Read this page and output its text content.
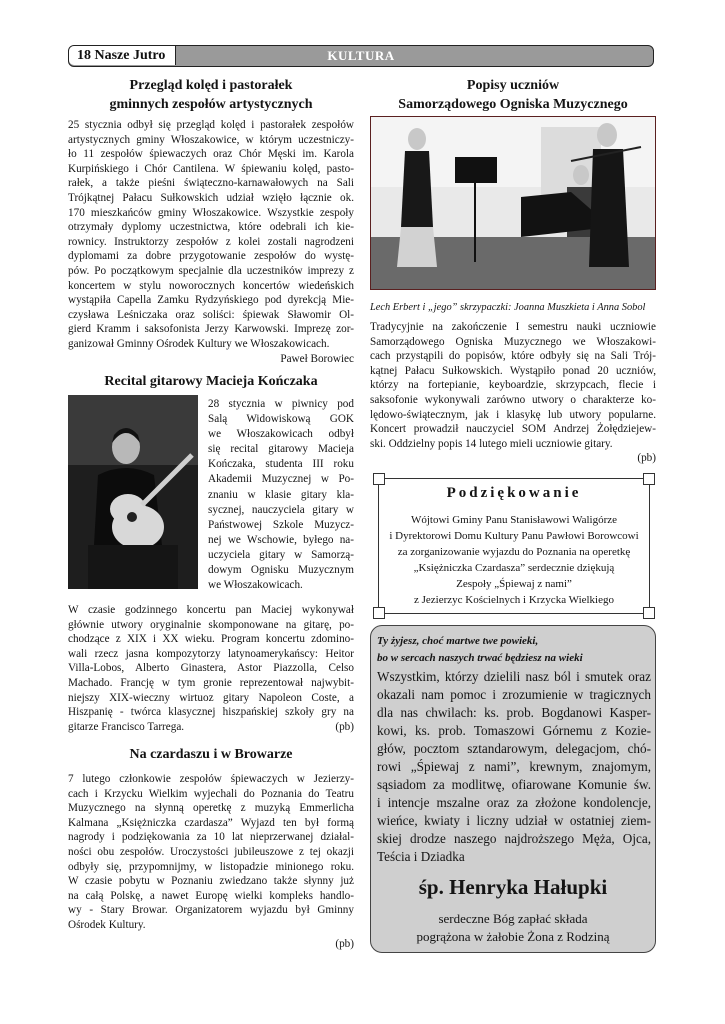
KULTURA
18 Nasze Jutro
Przegląd kolęd i pastorałek
gminnych zespołów artystycznych

25 stycznia odbył się przegląd kolęd i pastorałek zespołów
artystycznych gminy Włoszakowice, w którym uczestniczy-
ło 11 zespołów śpiewaczych oraz Chór Męski im. Karola
Kurpińskiego i Chór Cantilena. W śpiewaniu kolęd, pasto-
rałek, a także pieśni świąteczno-karnawałowych na Sali
Trójkątnej Pałacu Sułkowskich udział wzięło łącznie ok.
170 mieszkańców gminy Włoszakowice. Wszystkie zespoły
otrzymały dyplomy uczestnictwa, które odebrali ich kie-
rownicy. Instruktorzy zespołów z kolei zostali nagrodzeni
dyplomami za dobre przygotowanie zespołów do wystę-
pów. Po początkowym specjalnie dla uczestników imprezy z
koncertem w stylu noworocznych koncertów wiedeńskich
wystąpiła Capella Zamku Rydzyńskiego pod dyrekcją Mie-
czysława Leśniczaka oraz soliści: śpiewak Sławomir Ol-
gierd Kramm i saksofonista Jerzy Karwowski. Imprezę zor-
ganizował Gminny Ośrodek Kultury we Włoszakowicach.

Paweł Borowiec
Recital gitarowy Macieja Kończaka

28 stycznia w piwnicy pod
Salą Widowiskową GOK
we Włoszakowicach odbył
się recital gitarowy Macieja
Kończaka, studenta III roku
Akademii Muzycznej w Po-
znaniu w klasie gitary kla-
sycznej, nauczyciela gitary w
Państwowej Szkole Muzycz-
nej we Wschowie, byłego na-
uczyciela gitary w Samorzą-
dowym Ognisku Muzycznym
we Włoszakowicach.

W czasie godzinnego koncertu pan Maciej wykonywał
głównie utwory oryginalnie skomponowane na gitarę, po-
chodzące z XIX i XX wieku. Program koncertu zdomino-
wali rzecz jasna kompozytorzy latynoamerykańscy: Heitor
Villa-Lobos, Alberto Ginastera, Astor Piazzolla, Celso
Machado. Francję w tym gronie reprezentował najwybit-
niejszy XIX-wieczny wirtuoz gitary Napoleon Coste, a
Hiszpanię - twórca klasycznej hiszpańskiej szkoły gry na
gitarze Francisco Tarrega.	(pb)
Na czardaszu i w Browarze

7 lutego członkowie zespołów śpiewaczych w Jezierzy-
cach i Krzycku Wielkim wyjechali do Poznania do Teatru
Muzycznego na słynną operetkę z muzyką Emmerlicha
Kalmana „Księżniczka czardasza” Wyjazd ten był formą
nagrody i podziękowania za 10 lat nieprzerwanej działal-
ności obu zespołów. Uroczystości jubileuszowe z tej okazji
odbyły się, przypomnijmy, w listopadzie minionego roku.
W czasie pobytu w Poznaniu zwiedzano także słynny już
na całą Polskę, a nawet Europę wielki kompleks handlo-
wy - Stary Browar. Organizatorem wyjazdu był Gminny
Ośrodek Kultury.

(pb)
Popisy uczniów
Samorządowego Ogniska Muzycznego
Lech Erbert i „jego” skrzypaczki: Joanna Muszkieta i Anna Sobol

Tradycyjnie na zakończenie I semestru nauki uczniowie
Samorządowego Ogniska Muzycznego we Włoszakowi-
cach przystąpili do popisów, które odbyły się na Sali Trój-
kątnej Pałacu Sułkowskich. Wystąpiło ponad 20 uczniów,
którzy na fortepianie, keyboardzie, skrzypcach, flecie i
saksofonie wykonywali zarówno utwory o charakterze ko-
lędowo-świątecznym, jak i klasykę lub utwory popularne.
Koncert prowadził nauczyciel SOM Andrzej Żołędziejew-
ski. Oddzielny popis 14 lutego mieli uczniowie gitary.

(pb)
Podziękowanie
Wójtowi Gminy Panu Stanisławowi Waligórze
i Dyrektorowi Domu Kultury Panu Pawłowi Borowcowi
za zorganizowanie wyjazdu do Poznania na operetkę
„Księżniczka Czardasza” serdecznie dziękują
Zespoły „Śpiewaj z nami”
z Jezierzyc Kościelnych i Krzycka Wielkiego
Ty żyjesz, choć martwe twe powieki,
bo w sercach naszych trwać będziesz na wieki
Wszystkim, którzy dzielili nasz ból i smutek oraz
okazali nam pomoc i zrozumienie w tragicznych
dla nas chwilach: ks. prob. Bogdanowi Kasper-
kowi, ks. prob. Tomaszowi Górnemu z Kozie-
głów, pocztom sztandarowym, delegacjom, chó-
rowi „Śpiewaj z nami”, krewnym, znajomym,
sąsiadom za modlitwę, ofiarowane Komunie św.
i intencje mszalne oraz za złożone kondolencje,
wieńce, kwiaty i liczny udział w ostatniej ziem-
skiej drodze naszego najdroższego Męża, Ojca,
Teścia i Dziadka
śp. Henryka Hałupki
serdeczne Bóg zapłać składa
pogrążona w żałobie Żona z Rodziną
